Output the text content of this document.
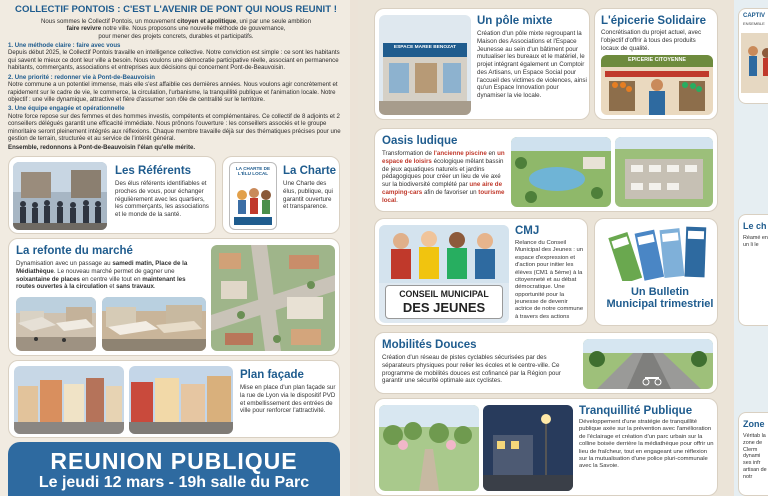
COLLECTIF PONTOIS : C'EST L'AVENIR DE PONT QUI NOUS REUNIT !
Nous sommes le Collectif Pontois, un mouvement citoyen et apolitique, uni par une seule ambition
faire revivre notre ville. Nous proposons une nouvelle méthode de gouvernance,
pour mener des projets concrets, durables et participatifs.
1. Une méthode claire : faire avec vous
Depuis début 2025, le Collectif Pontois travaille en intelligence collective. Notre conviction est simple : ce sont les habitants qui savent le mieux ce dont leur ville a besoin. Nous voulons une démocratie participative réelle, associant en permanence habitants, commerçants, associations et entreprises aux décisions qui concernent Pont-de-Beauvoisin.
2. Une priorité : redonner vie à Pont-de-Beauvoisin
Notre commune a un potentiel immense, mais elle s'est affaiblie ces dernières années. Nous voulons agir concrètement et rapidement sur le cadre de vie, le commerce, la circulation, l'urbanisme, la tranquillité publique et l'animation locale. Notre objectif : une ville dynamique, attractive et fière d'assumer son rôle de centralité sur le territoire.
3. Une équipe engagée et opérationnelle
Notre force repose sur des femmes et des hommes investis, compétents et complémentaires. Ce collectif de 8 adjoints et 2 conseillers délégués garantit une efficacité immédiate. Nous prônons l'ouverture : les conseillers associés et le groupe minoritaire seront pleinement intégrés aux réflexions. Chaque membre travaille déjà sur des thématiques précises pour une gestion de terrain, structurée et au service de l'intérêt général.
Ensemble, redonnons à Pont-de-Beauvoisin l'élan qu'elle mérite.
Les Référents

Des élus référents identifiables et proches de vous, pour échanger régulièrement avec les quartiers, les commerçants, les associations et le monde de la santé.

LA CHARTE DE L'ÉLU LOCAL	La Charte

Une Charte des élus, publique, qui garantit ouverture et transparence.

La refonte du marché

Dynamisation avec un passage au samedi matin, Place de la Médiathèque. Le nouveau marché permet de gagner une soixantaine de places en centre ville tout en maintenant les routes ouvertes à la circulation et sans travaux.

Plan façade

Mise en place d'un plan façade sur la rue de Lyon via le dispositif PVD et embellissement des entrées de ville pour renforcer l'attractivité.

REUNION PUBLIQUE
Le jeudi 12 mars - 19h salle du Parc
ESPACE MAREE BENOZAT
Un pôle mixte

Création d'un pôle mixte regroupant la Maison des Associations et l'Espace Jeunesse au sein d'un bâtiment pour mutualiser les bureaux et le matériel, le projet intégrant également un Comptoir des Artisans, un Espace Social pour l'accueil des victimes de violences, ainsi qu'un Espace Innovation pour dynamiser la vie locale.

L'épicerie Solidaire

Concrétisation du projet actuel, avec l'objectif d'offrir à tous des produits locaux de qualité.

EPICERIE CITOYENNE
Oasis ludique

Transformation de l'ancienne piscine en un espace de loisirs écologique mêlant bassin de jeux aquatiques naturels et jardins pédagogiques pour créer un lieu de vie axé sur la biodiversité complété par une aire de camping-cars afin de favoriser un tourisme local.

CONSEIL MUNICIPAL
DES JEUNES
CMJ

Relance du Conseil Municipal des Jeunes : un espace d'expression et d'action pour initier les élèves (CM1 à 5ème) à la citoyenneté et au débat démocratique. Une opportunité pour la jeunesse de devenir actrice de notre commune à travers des actions

Un Bulletin Municipal trimestriel
Mobilités Douces

Création d'un réseau de pistes cyclables sécurisées par des séparateurs physiques pour relier les écoles et le centre-ville. Ce programme de mobilités douces est cofinancé par la Région pour garantir une sécurité optimale aux cyclistes.

Tranquillité Publique

Développement d'une stratégie de tranquillité publique axée sur la prévention avec l'amélioration de l'éclairage et création d'un parc urbain sur la colline boisée derrière la médiathèque pour offrir un lieu de fraîcheur, tout en engageant une réflexion sur la mutualisation d'une police pluri-communale avec la Savoie.

CAPTIV
ENSEMBLE
Le ch

Réamé en un li le

Zone

Véritab la zone de Clerm dynami ses infr artisan de notr
